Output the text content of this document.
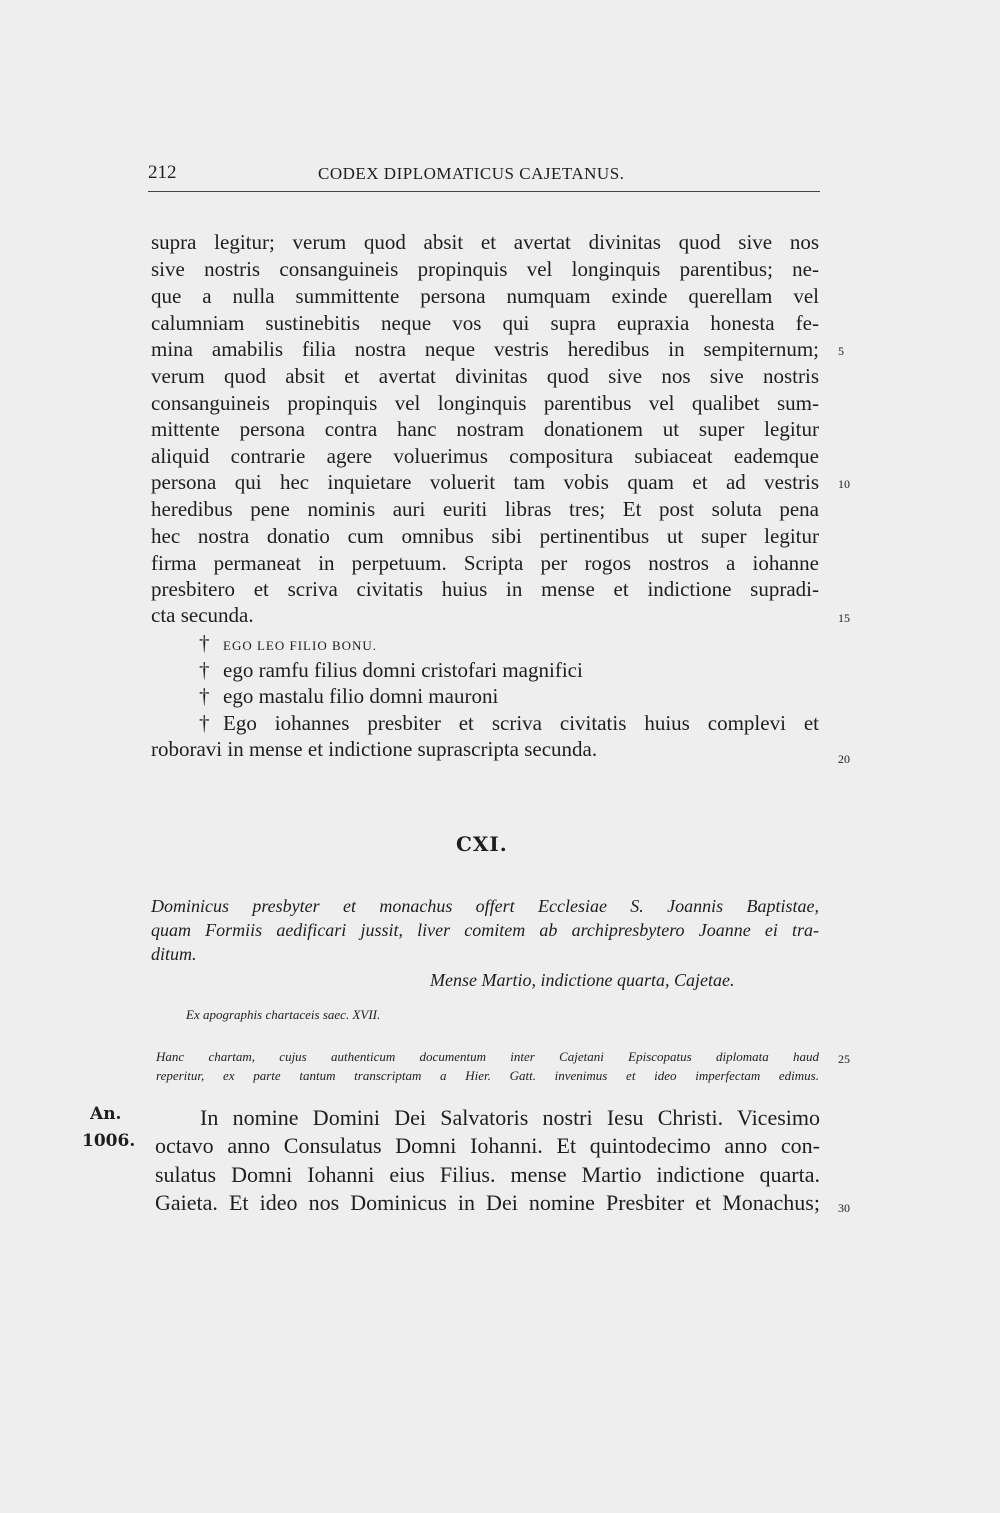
212	CODEX DIPLOMATICUS CAJETANUS.
supra legitur; verum quod absit et avertat divinitas quod sive nos
sive nostris consanguineis propinquis vel longinquis parentibus; ne-
que a nulla summittente persona numquam exinde querellam vel
calumniam sustinebitis neque vos qui supra eupraxia honesta fe-
mina amabilis filia nostra neque vestris heredibus in sempiternum;
verum quod absit et avertat divinitas quod sive nos sive nostris
consanguineis propinquis vel longinquis parentibus vel qualibet sum-
mittente persona contra hanc nostram donationem ut super legitur
aliquid contrarie agere voluerimus compositura subiaceat eademque
persona qui hec inquietare voluerit tam vobis quam et ad vestris
heredibus pene nominis auri euriti libras tres; Et post soluta pena
hec nostra donatio cum omnibus sibi pertinentibus ut super legitur
firma permaneat in perpetuum. Scripta per rogos nostros a iohanne
presbitero et scriva civitatis huius in mense et indictione supradi-
cta secunda.
† EGO LEO FILIO BONU.
† ego ramfu filius domni cristofari magnifici
† ego mastalu filio domni mauroni
† Ego iohannes presbiter et scriva civitatis huius complevi et
roboravi in mense et indictione suprascripta secunda.
5
10
15
20
25
30
CXI.
Dominicus presbyter et monachus offert Ecclesiae S. Joannis Baptistae,
quam Formiis aedificari jussit, liver comitem ab archipresbytero Joanne ei tra-
ditum.
Mense Martio, indictione quarta, Cajetae.
Ex apographis chartaceis saec. XVII.
Hanc chartam, cujus authenticum documentum inter Cajetani Episcopatus diplomata haud
reperitur, ex parte tantum transcriptam a Hier. Gatt. invenimus et ideo imperfectam edimus.
An.
1006.
In nomine Domini Dei Salvatoris nostri Iesu Christi. Vicesimo
octavo anno Consulatus Domni Iohanni. Et quintodecimo anno con-
sulatus Domni Iohanni eius Filius. mense Martio indictione quarta.
Gaieta. Et ideo nos Dominicus in Dei nomine Presbiter et Monachus;
